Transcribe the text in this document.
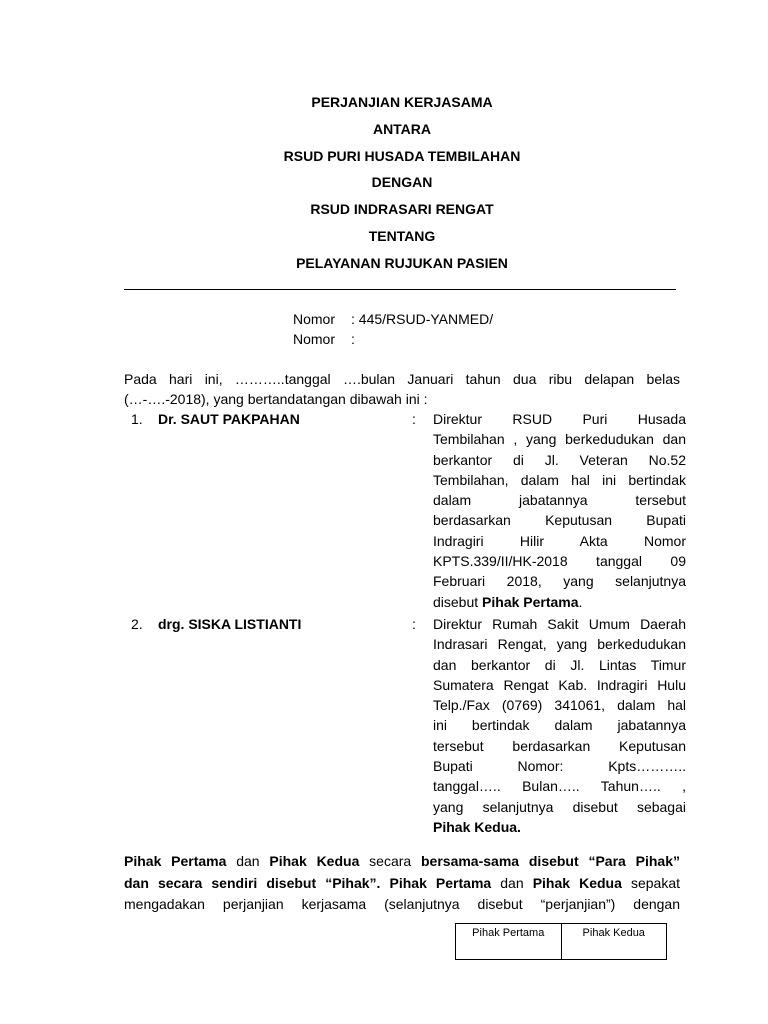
PERJANJIAN KERJASAMA
ANTARA
RSUD PURI HUSADA TEMBILAHAN
DENGAN
RSUD INDRASARI RENGAT
TENTANG
PELAYANAN RUJUKAN PASIEN
Nomor	: 445/RSUD-YANMED/
Nomor	:
Pada hari ini, ………..tanggal ….bulan Januari tahun dua ribu delapan belas
(…-….-2018), yang bertandatangan dibawah ini :
1. Dr. SAUT PAKPAHAN	: Direktur RSUD Puri Husada
Tembilahan , yang berkedudukan dan
berkantor di Jl. Veteran No.52
Tembilahan, dalam hal ini bertindak
dalam jabatannya tersebut
berdasarkan Keputusan Bupati
Indragiri Hilir Akta Nomor
KPTS.339/II/HK-2018 tanggal 09
Februari 2018, yang selanjutnya
disebut Pihak Pertama.
2. drg. SISKA LISTIANTI	: Direktur Rumah Sakit Umum Daerah
Indrasari Rengat, yang berkedudukan
dan berkantor di Jl. Lintas Timur
Sumatera Rengat Kab. Indragiri Hulu
Telp./Fax (0769) 341061, dalam hal
ini bertindak dalam jabatannya
tersebut berdasarkan Keputusan
Bupati Nomor: Kpts………..
tanggal….. Bulan….. Tahun….. ,
yang selanjutnya disebut sebagai
Pihak Kedua.
Pihak Pertama dan Pihak Kedua secara bersama-sama disebut “Para Pihak”
dan secara sendiri disebut “Pihak”. Pihak Pertama dan Pihak Kedua sepakat
mengadakan perjanjian kerjasama (selanjutnya disebut “perjanjian”) dengan
Pihak Pertama	Pihak Kedua
